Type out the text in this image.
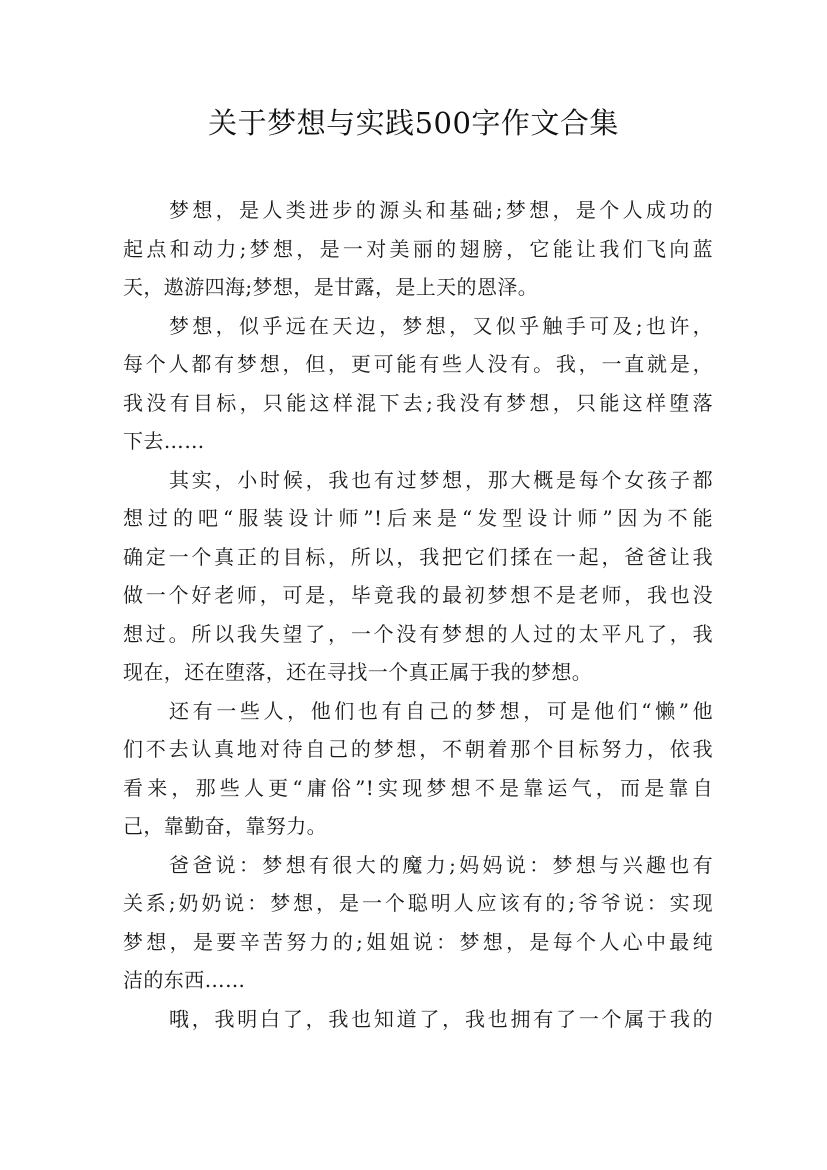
关于梦想与实践500字作文合集

梦想，是人类进步的源头和基础;梦想，是个人成功的
起点和动力;梦想，是一对美丽的翅膀，它能让我们飞向蓝
天，遨游四海;梦想，是甘露，是上天的恩泽。

梦想，似乎远在天边，梦想，又似乎触手可及;也许，
每个人都有梦想，但，更可能有些人没有。我，一直就是，
我没有目标，只能这样混下去;我没有梦想，只能这样堕落
下去……

其实，小时候，我也有过梦想，那大概是每个女孩子都
想过的吧“服装设计师”!后来是“发型设计师”因为不能
确定一个真正的目标，所以，我把它们揉在一起，爸爸让我
做一个好老师，可是，毕竟我的最初梦想不是老师，我也没
想过。所以我失望了，一个没有梦想的人过的太平凡了，我
现在，还在堕落，还在寻找一个真正属于我的梦想。

还有一些人，他们也有自己的梦想，可是他们“懒”他
们不去认真地对待自己的梦想，不朝着那个目标努力，依我
看来，那些人更“庸俗”!实现梦想不是靠运气，而是靠自
己，靠勤奋，靠努力。

爸爸说：梦想有很大的魔力;妈妈说：梦想与兴趣也有
关系;奶奶说：梦想，是一个聪明人应该有的;爷爷说：实现
梦想，是要辛苦努力的;姐姐说：梦想，是每个人心中最纯
洁的东西……

哦，我明白了，我也知道了，我也拥有了一个属于我的
